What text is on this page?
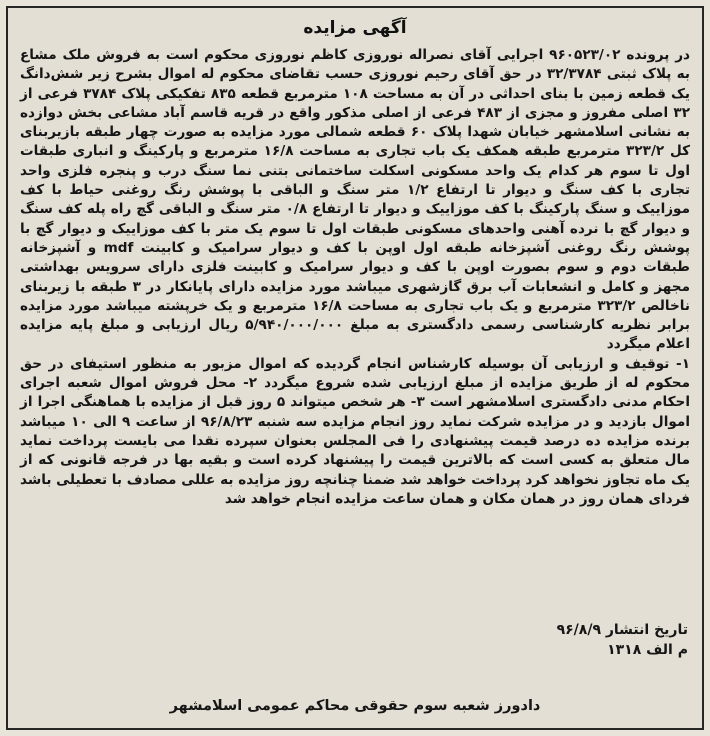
آگهی مزایده

در پرونده ۹۶۰۵۲۳/۰۲ اجرایی آقای نصراله نوروزی کاظم نوروزی محکوم است به فروش ملک مشاع به پلاک ثبتی ۳۲/۳۷۸۴ در حق آقای رحیم نوروزی حسب تقاضای محکوم له اموال بشرح زیر شش‌دانگ یک قطعه زمین با بنای احداثی در آن به مساحت ۱۰۸ مترمربع قطعه ۸۳۵ تفکیکی پلاک ۳۷۸۴ فرعی از ۳۲ اصلی مفروز و مجزی از ۴۸۳ فرعی از اصلی مذکور واقع در قریه قاسم آباد مشاعی بخش دوازده به نشانی اسلامشهر خیابان شهدا پلاک ۶۰ قطعه شمالی مورد مزایده به صورت چهار طبقه بازیربنای کل ۳۲۳/۲ مترمربع طبقه همکف یک باب تجاری به مساحت ۱۶/۸ مترمربع و پارکینگ و انباری طبقات اول تا سوم هر کدام یک واحد مسکونی اسکلت ساختمانی بتنی نما سنگ درب و پنجره فلزی واحد تجاری با کف سنگ و دیوار تا ارتفاع ۱/۲ متر سنگ و الباقی با پوشش رنگ روغنی حیاط با کف موزاییک و سنگ پارکینگ با کف موزاییک و دیوار تا ارتفاع ۰/۸ متر سنگ و الباقی گچ راه پله کف سنگ و دیوار گچ با نرده آهنی واحدهای مسکونی طبقات اول تا سوم یک متر با کف موزاییک و دیوار گچ با پوشش رنگ روغنی آشپزخانه طبقه اول اوپن با کف و دیوار سرامیک و کابینت mdf و آشپزخانه طبقات دوم و سوم بصورت اوپن با کف و دیوار سرامیک و کابینت فلزی دارای سرویس بهداشتی مجهز و کامل و انشعابات آب برق گازشهری میباشد مورد مزایده دارای پایانکار در ۳ طبقه با زیربنای ناخالص ۳۲۳/۲ مترمربع و یک باب تجاری به مساحت ۱۶/۸ مترمربع و یک خرپشته میباشد مورد مزایده برابر نظریه کارشناسی رسمی دادگستری به مبلغ ۵/۹۴۰/۰۰۰/۰۰۰ ریال ارزیابی و مبلغ پایه مزایده اعلام میگردد

۱- توقیف و ارزیابی آن بوسیله کارشناس انجام گردیده که اموال مزبور به منظور استیفای در حق محکوم له از طریق مزایده از مبلغ ارزیابی شده شروع میگردد ۲- محل فروش اموال شعبه اجرای احکام مدنی دادگستری اسلامشهر است ۳- هر شخص میتواند ۵ روز قبل از مزایده با هماهنگی اجرا از اموال بازدید و در مزایده شرکت نماید روز انجام مزایده سه شنبه ۹۶/۸/۲۳ از ساعت ۹ الی ۱۰ میباشد برنده مزایده ده درصد قیمت پیشنهادی را فی المجلس بعنوان سپرده نقدا می بایست پرداخت نماید مال متعلق به کسی است که بالاترین قیمت را پیشنهاد کرده است و بقیه بها در فرجه قانونی که از یک ماه تجاوز نخواهد کرد پرداخت خواهد شد ضمنا چنانچه روز مزایده به عللی مصادف با تعطیلی باشد فردای همان روز در همان مکان و همان ساعت مزایده انجام خواهد شد

تاریخ انتشار ۹۶/۸/۹
م الف ۱۳۱۸
دادورز شعبه سوم حقوقی محاکم عمومی اسلامشهر
